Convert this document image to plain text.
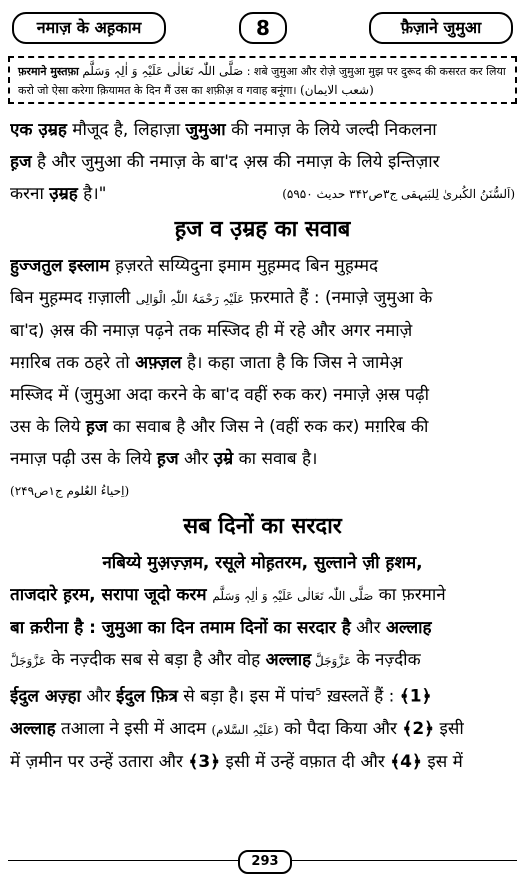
नमाज़ के अह़काम	8	फ़ैज़ाने जुमुआ
फ़रमाने मुस्तफ़ा صَلَّى اللّٰہ تَعَالٰی عَلَیْہِ وَ اٰلِہٖ وَسَلَّم : शबे जुमुआ और रोज़े जुमुआ मुझ पर दुरूद की कसरत कर लिया करो जो ऐसा करेगा क़ियामत के दिन मैं उस का शफ़ीअ़ व गवाह बनूंगा। (شعب الایمان)
एक उ़म्रह मौजूद है, लिहाज़ा जुमुआ की नमाज़ के लिये जल्दी निकलना
ह़ज है और जुमुआ की नमाज़ के बा'द अ़स्र की नमाज़ के लिये इन्तिज़ार
करना उ़म्रह है।"	(اَلسُّنَنُ الکُبریٰ لِلبَیہقی ج۳ص۳۴۲ حدیث ۵۹۵۰)
ह़ज व उ़म्रह का सवाब
हुज्जतुल इस्लाम ह़ज़रते सय्यिदुना इमाम मुह़म्मद बिन मुह़म्मद
बिन मुह़म्मद ग़ज़ाली عَلَیْہِ رَحْمَۃُ اللّٰہِ الْوَالِی फ़रमाते हैं : (नमाज़े जुमुआ के
बा'द) अ़स्र की नमाज़ पढ़ने तक मस्जिद ही में रहे और अगर नमाज़े
मग़रिब तक ठहरे तो अफ़्ज़ल है। कहा जाता है कि जिस ने जामेअ़
मस्जिद में (जुमुआ अदा करने के बा'द वहीं रुक कर) नमाज़े अ़स्र पढ़ी
उस के लिये ह़ज का सवाब है और जिस ने (वहीं रुक कर) मग़रिब की
नमाज़ पढ़ी उस के लिये ह़ज और उ़म्रे का सवाब है।
(اِحیاءُ العُلوم ج۱ص۲۴۹)
सब दिनों का सरदार
नबिय्ये मुअ़ज़्ज़म, रसूले मोह़तरम, सुल्ताने ज़ी ह़शम,
ताजदारे ह़रम, सरापा जूदो करम صَلَّی اللّٰہ تَعَالٰی عَلَیْہِ وَ اٰلِہٖ وَسَلَّم का फ़रमाने
बा क़रीना है : जुमुआ का दिन तमाम दिनों का सरदार है और अल्लाह
عَزَّوَجَلَّ के नज़्दीक सब से बड़ा है और वोह अल्लाह عَزَّوَجَلَّ के नज़्दीक
ईदुल अज़्हा और ईदुल फ़ित्र से बड़ा है। इस में पांच$^5$ ख़स्लतें हैं : ﴾1﴿
अल्लाह तआला ने इसी में आदम (عَلَیْہِ السَّلام) को पैदा किया और ﴾2﴿ इसी
में ज़मीन पर उन्हें उतारा और ﴾3﴿ इसी में उन्हें वफ़ात दी और ﴾4﴿ इस में
293
